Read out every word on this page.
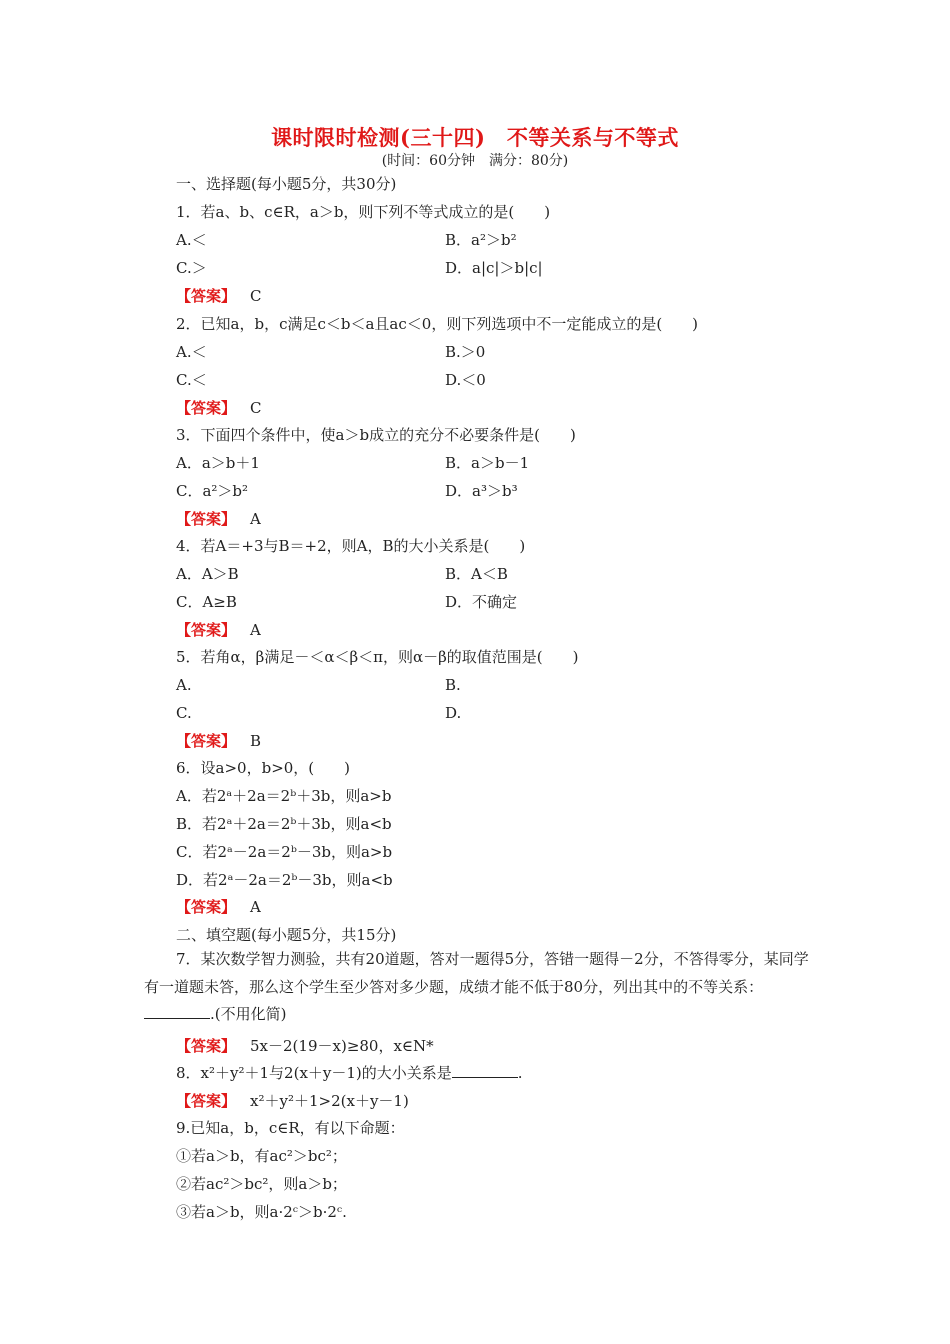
课时限时检测(三十四)　不等关系与不等式
(时间：60分钟　满分：80分)
一、选择题(每小题5分，共30分)
1．若a、b、c∈R，a＞b，则下列不等式成立的是(　　)
A.＜	B．a²＞b²
C.＞	D．a|c|＞b|c|
【答案】 C
2．已知a，b，c满足c＜b＜a且ac＜0，则下列选项中不一定能成立的是(　　)
A.＜	B.＞0
C.＜	D.＜0
【答案】 C
3．下面四个条件中，使a＞b成立的充分不必要条件是(　　)
A．a＞b＋1	B．a＞b－1
C．a²＞b²	D．a³＞b³
【答案】 A
4．若A＝+3与B＝+2，则A，B的大小关系是(　　)
A．A＞B	B．A＜B
C．A≥B	D．不确定
【答案】 A
5．若角α，β满足－＜α＜β＜π，则α－β的取值范围是(　　)
A.	B.
C.	D.
【答案】 B
6．设a>0，b>0，(　　)
A．若2ᵃ＋2a＝2ᵇ＋3b，则a>b
B．若2ᵃ＋2a＝2ᵇ＋3b，则a<b
C．若2ᵃ－2a＝2ᵇ－3b，则a>b
D．若2ᵃ－2a＝2ᵇ－3b，则a<b
【答案】 A
二、填空题(每小题5分，共15分)
7．某次数学智力测验，共有20道题，答对一题得5分，答错一题得－2分，不答得零分，某同学有一道题未答，那么这个学生至少答对多少题，成绩才能不低于80分，列出其中的不等关系：.(不用化简)
【答案】 5x－2(19－x)≥80，x∈N*
8．x²＋y²＋1与2(x＋y－1)的大小关系是	.
【答案】 x²＋y²＋1>2(x＋y－1)
9.已知a，b，c∈R，有以下命题：
①若a＞b，有ac²＞bc²；
②若ac²＞bc²，则a＞b；
③若a＞b，则a·2ᶜ＞b·2ᶜ.
